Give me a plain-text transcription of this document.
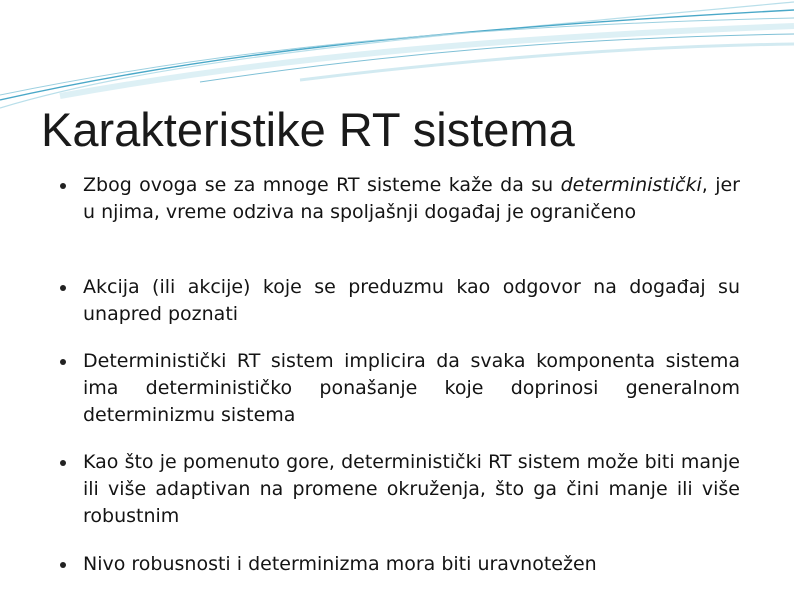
Karakteristike RT sistema
Zbog ovoga se za mnoge RT sisteme kaže da su deterministički, jer u njima, vreme odziva na spoljašnji događaj je ograničeno
Akcija (ili akcije) koje se preduzmu kao odgovor na događaj su unapred poznati
Deterministički RT sistem implicira da svaka komponenta sistema ima determinističko ponašanje koje doprinosi generalnom determinizmu sistema
Kao što je pomenuto gore, deterministički RT sistem može biti manje ili više adaptivan na promene okruženja, što ga čini manje ili više robustnim
Nivo robusnosti i determinizma mora biti uravnotežen
